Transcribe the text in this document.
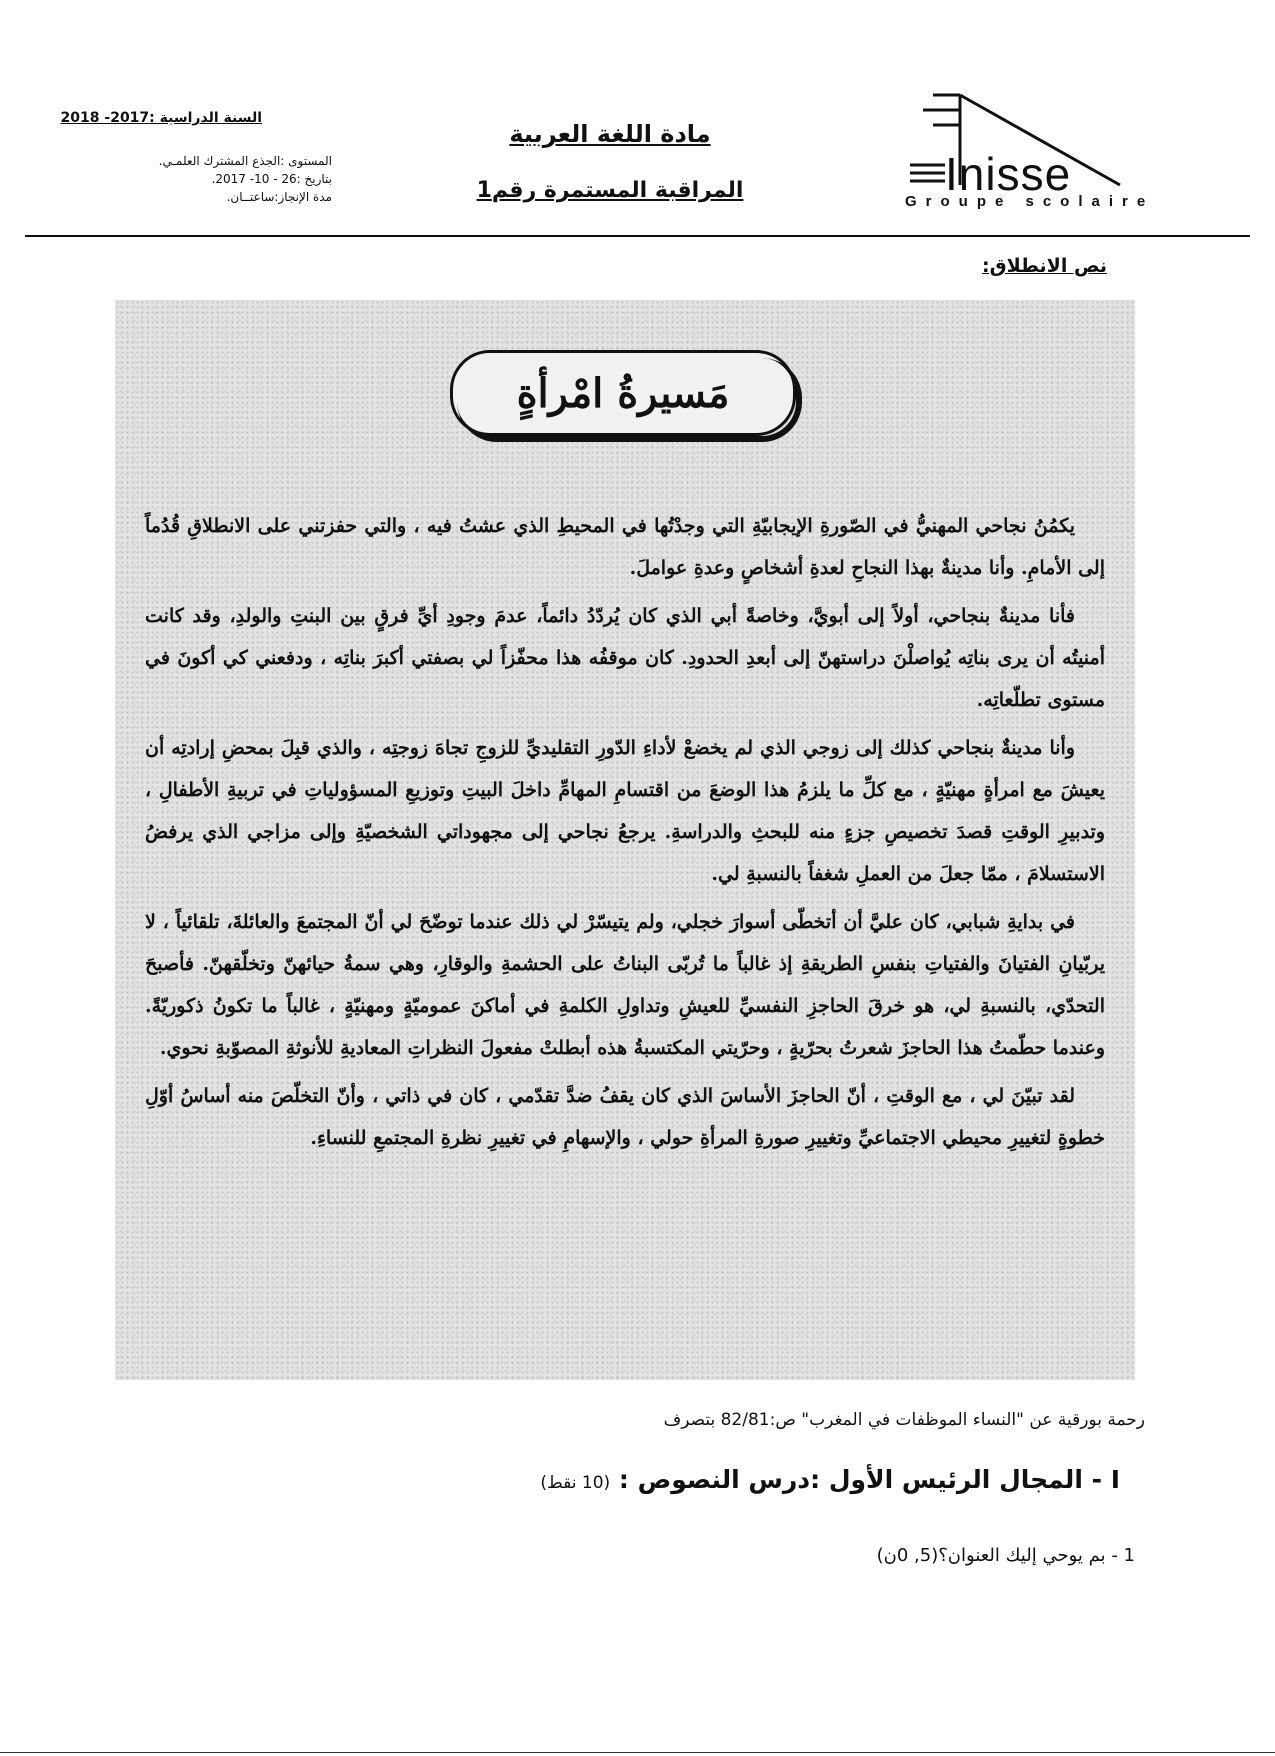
Inisse
Groupe scolaire
مادة اللغة العربية
المراقبة المستمرة رقم1
السنة الدراسية :2017- 2018
المستوى :الجذع المشترك العلمـي.
بتاريخ :26 - 10- 2017.
مدة الإنجاز:ساعتــان.
نص الانطلاق:
مَسيرةُ امْرأةٍ

يكمُنُ نجاحي المهنيُّ في الصّورةِ الإيجابيّةِ التي وجدْتُها في المحيطِ الذي عشتُ فيه ، والتي حفزتني على الانطلاقِ قُدُماً إلى الأمامِ. وأنا مدينةٌ بهذا النجاحِ لعدةِ أشخاصٍ وعدةِ عواملَ.

فأنا مدينةٌ بنجاحي، أولاً إلى أبويَّ، وخاصةً أبي الذي كان يُردّدُ دائماً، عدمَ وجودِ أيِّ فرقٍ بين البنتِ والولدِ، وقد كانت أمنيتُه أن يرى بناتِه يُواصلْنَ دراستهنّ إلى أبعدِ الحدودِ. كان موقفُه هذا محفّزاً لي بصفتي أكبرَ بناتِه ، ودفعني كي أكونَ في مستوى تطلّعاتِه.

وأنا مدينةٌ بنجاحي كذلك إلى زوجي الذي لم يخضعْ لأداءِ الدّورِ التقليديِّ للزوجِ تجاهَ زوجتِه ، والذي قبِلَ بمحضِ إرادتِه أن يعيشَ مع امرأةٍ مهنيّةٍ ، مع كلِّ ما يلزمُ هذا الوضعَ من اقتسامِ المهامِّ داخلَ البيتِ وتوزيعِ المسؤولياتِ في تربيةِ الأطفالِ ، وتدبيرِ الوقتِ قصدَ تخصيصِ جزءٍ منه للبحثِ والدراسةِ. يرجعُ نجاحي إلى مجهوداتي الشخصيّةِ وإلى مزاجي الذي يرفضُ الاستسلامَ ، ممّا جعلَ من العملِ شغفاً بالنسبةِ لي.

في بدايةِ شبابي، كان عليَّ أن أتخطّى أسوارَ خجلي، ولم يتيسّرْ لي ذلك عندما توضّحَ لي أنّ المجتمعَ والعائلةَ، تلقائياً ، لا يربّيانِ الفتيانَ والفتياتِ بنفسِ الطريقةِ إذ غالباً ما تُربّى البناتُ على الحشمةِ والوقارِ، وهي سمةُ حيائهنّ وتخلّقهنّ. فأصبحَ التحدّي، بالنسبةِ لي، هو خرقَ الحاجزِ النفسيِّ للعيشِ وتداولِ الكلمةِ في أماكنَ عموميّةٍ ومهنيّةٍ ، غالباً ما تكونُ ذكوريّةً. وعندما حطّمتُ هذا الحاجزَ شعرتُ بحرّيةٍ ، وحرّيتي المكتسبةُ هذه أبطلتْ مفعولَ النظراتِ المعاديةِ للأنوثةِ المصوّبةِ نحوي.

لقد تبيّنَ لي ، مع الوقتِ ، أنّ الحاجزَ الأساسَ الذي كان يقفُ ضدَّ تقدّمي ، كان في ذاتي ، وأنّ التخلّصَ منه أساسُ أوّلِ خطوةٍ لتغييرِ محيطي الاجتماعيِّ وتغييرِ صورةِ المرأةِ حولي ، والإسهامِ في تغييرِ نظرةِ المجتمعِ للنساءِ.

رحمة بورقية عن "النساء الموظفات في المغرب" ص:82/81 بتصرف
I - المجال الرئيس الأول :درس النصوص : (10 نقط)
1 - بم يوحي إليك العنوان؟(5, 0ن)
